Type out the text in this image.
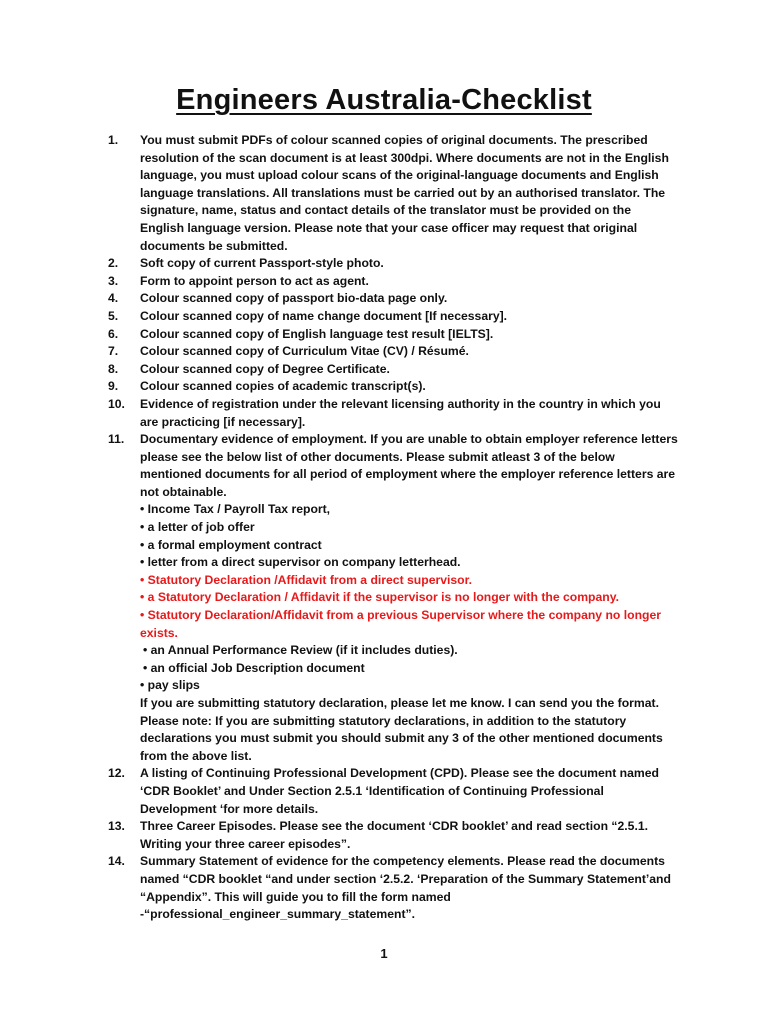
Engineers Australia-Checklist
1.	You must submit PDFs of colour scanned copies of original documents. The prescribed resolution of the scan document is at least 300dpi. Where documents are not in the English language, you must upload colour scans of the original-language documents and English language translations. All translations must be carried out by an authorised translator. The signature, name, status and contact details of the translator must be provided on the English language version. Please note that your case officer may request that original documents be submitted.
2.	Soft copy of current Passport-style photo.
3.	Form to appoint person to act as agent.
4.	Colour scanned copy of passport bio-data page only.
5.	Colour scanned copy of name change document [If necessary].
6.	Colour scanned copy of English language test result [IELTS].
7.	Colour scanned copy of Curriculum Vitae (CV) / Résumé.
8.	Colour scanned copy of Degree Certificate.
9.	Colour scanned copies of academic transcript(s).
10.	Evidence of registration under the relevant licensing authority in the country in which you are practicing [if necessary].
11.	Documentary evidence of employment. If you are unable to obtain employer reference letters please see the below list of other documents. Please submit atleast 3 of the below mentioned documents for all period of employment where the employer reference letters are not obtainable.
• Income Tax / Payroll Tax report,
• a letter of job offer
• a formal employment contract
• letter from a direct supervisor on company letterhead.
• Statutory Declaration /Affidavit from a direct supervisor.
• a Statutory Declaration / Affidavit if the supervisor is no longer with the company.
• Statutory Declaration/Affidavit from a previous Supervisor where the company no longer exists.
• an Annual Performance Review (if it includes duties).
• an official Job Description document
• pay slips
If you are submitting statutory declaration, please let me know. I can send you the format.
Please note: If you are submitting statutory declarations, in addition to the statutory declarations you must submit you should submit any 3 of the other mentioned documents from the above list.
12.	A listing of Continuing Professional Development (CPD). Please see the document named ‘CDR Booklet’ and Under Section 2.5.1 ‘Identification of Continuing Professional Development ‘for more details.
13.	Three Career Episodes. Please see the document ‘CDR booklet’ and read section “2.5.1. Writing your three career episodes”.
14.	Summary Statement of evidence for the competency elements. Please read the documents named “CDR booklet “and under section ‘2.5.2. ‘Preparation of the Summary Statement’and “Appendix”. This will guide you to fill the form named -“professional_engineer_summary_statement”.
1
